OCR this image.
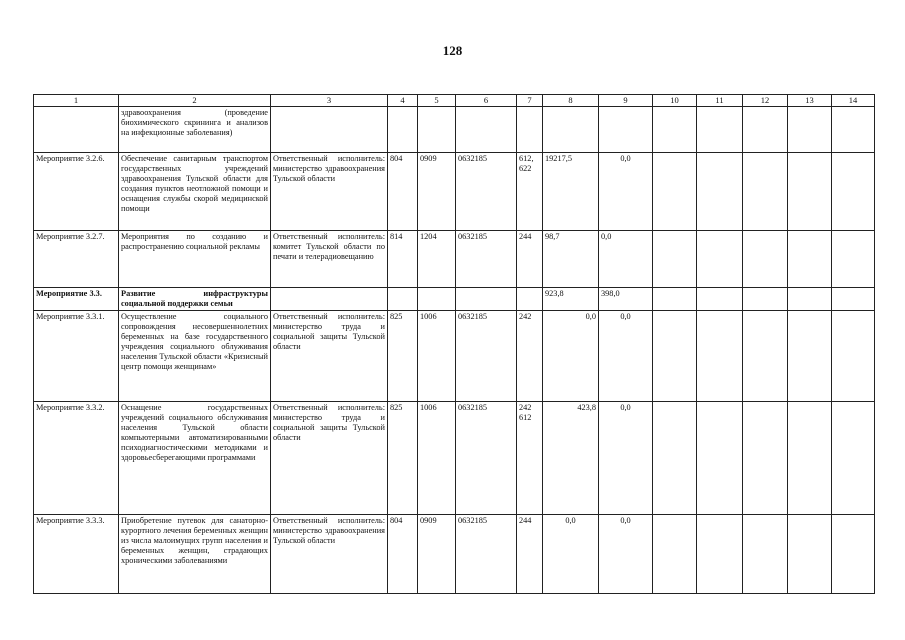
128
1	2	3	4	5	6	7	8	9	10	11	12	13	14
	здравоохранения (проведение биохимического скрининга и анализов на инфекционные заболевания)												
Мероприятие 3.2.6.	Обеспечение санитарным транспортом государственных учреждений здравоохранения Тульской области для создания пунктов неотложной помощи и оснащения службы скорой медицинской помощи	Ответственный исполнитель: министерство здравоохранения Тульской области	804	0909	0632185	612, 622	19217,5	0,0					
Мероприятие 3.2.7.	Мероприятия по созданию и распространению социальной рекламы	Ответственный исполнитель: комитет Тульской области по печати и телерадиовещанию	814	1204	0632185	244	98,7	0,0					
Мероприятие 3.3.	Развитие инфраструктуры социальной поддержки семьи						923,8	398,0					
Мероприятие 3.3.1.	Осуществление социального сопровождения несовершеннолетних беременных на базе государственного учреждения социального облуживания населения Тульской области «Кризисный центр помощи женщинам»	Ответственный исполнитель: министерство труда и социальной защиты Тульской области	825	1006	0632185	242	0,0	0,0					
Мероприятие 3.3.2.	Оснащение государственных учреждений социального обслуживания населения Тульской области компьютерными автоматизированными психодиагностическими методиками и здоровьесберегающими программами	Ответственный исполнитель: министерство труда и социальной защиты Тульской области	825	1006	0632185	242 612	423,8	0,0					
Мероприятие 3.3.3.	Приобретение путевок для санаторно-курортного лечения беременных женщин из числа малоимущих групп населения и беременных женщин, страдающих хроническими заболеваниями	Ответственный исполнитель: министерство здравоохранения Тульской области	804	0909	0632185	244	0,0	0,0					
